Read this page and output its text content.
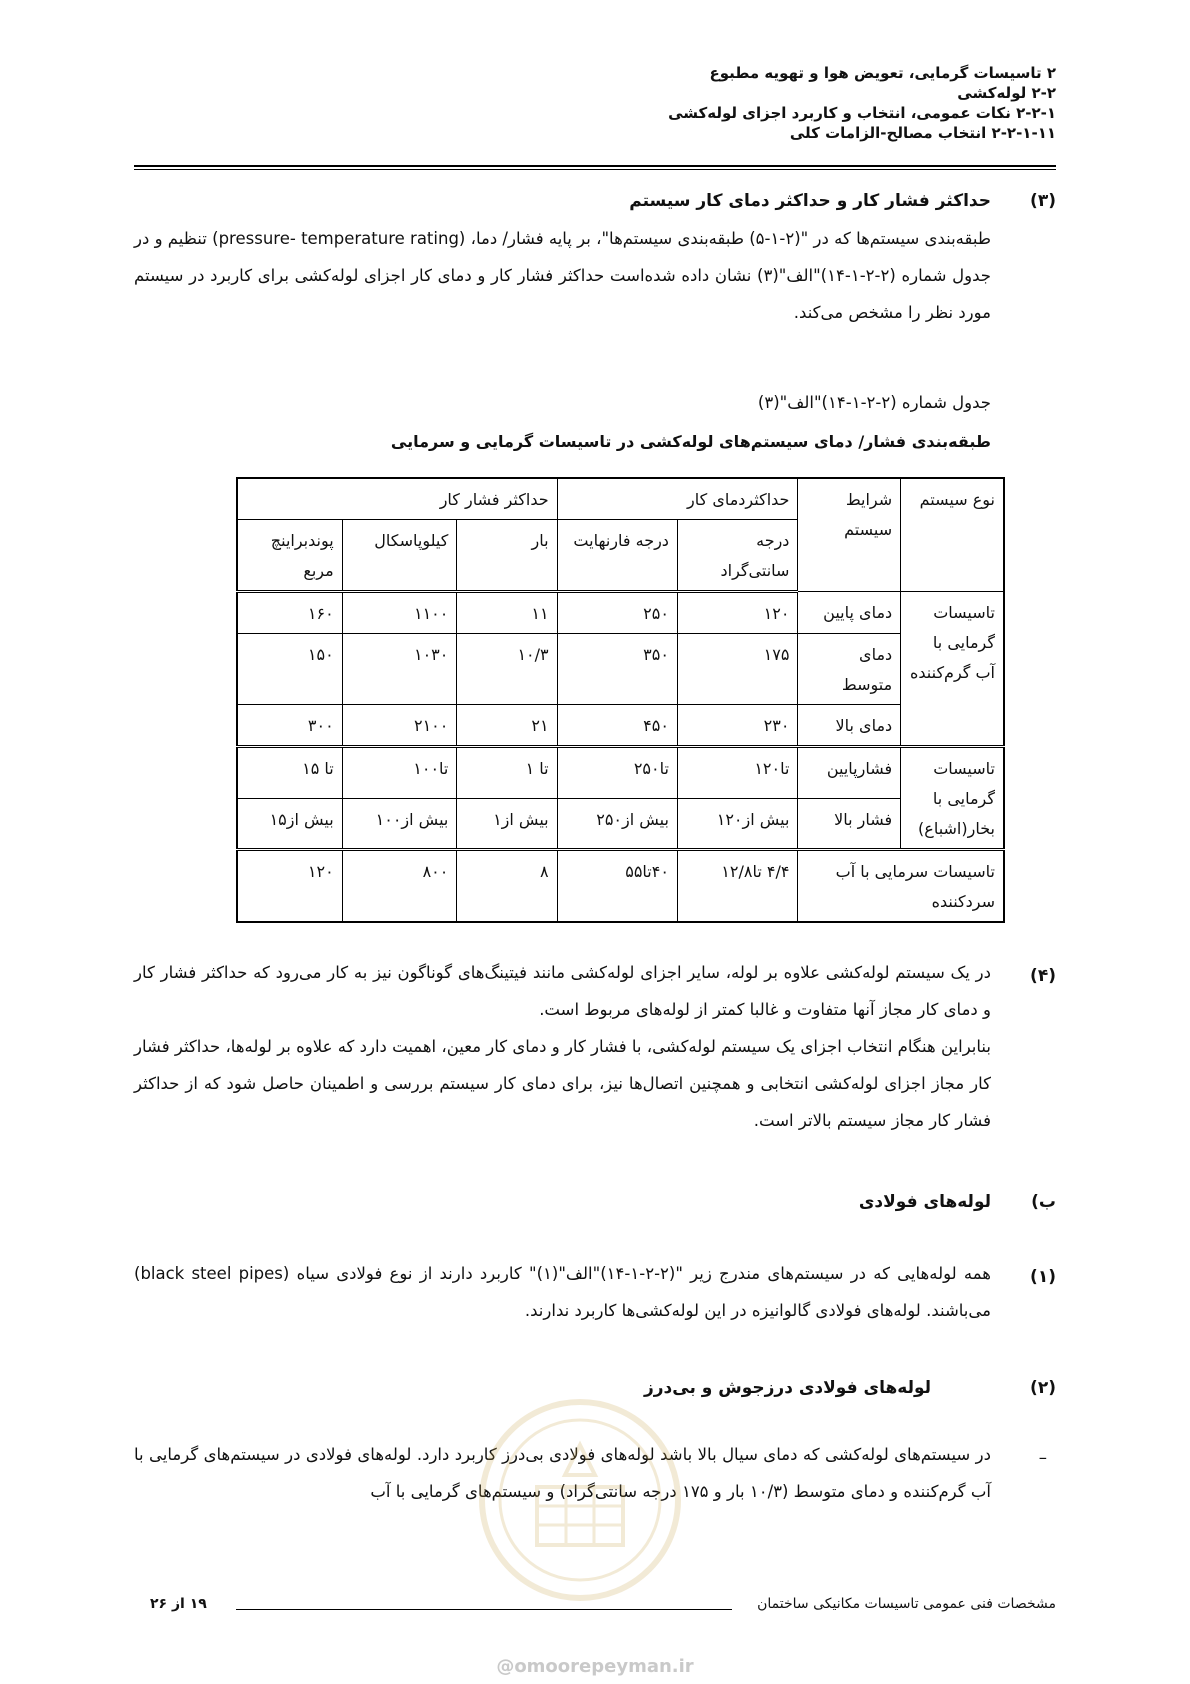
۲ تاسیسات گرمایی، تعویض هوا و تهویه مطبوع
۲-۲ لوله‌کشی
۲-۲-۱ نکات عمومی، انتخاب و کاربرد اجزای لوله‌کشی
۲-۲-۱-۱۱ انتخاب مصالح-الزامات کلی
(۳)
حداکثر فشار کار و حداکثر دمای کار سیستم
طبقه‌بندی سیستم‌ها که در "(۲-۱-۵) طبقه‌بندی سیستم‌ها"، بر پایه فشار/ دما، (pressure- temperature rating) تنظیم و در جدول شماره (۲-۲-۱-۱۴)"الف"(۳) نشان داده شده‌است حداکثر فشار کار و دمای کار اجزای لوله‌کشی برای کاربرد در سیستم مورد نظر را مشخص می‌کند.
جدول شماره (۲-۲-۱-۱۴)"الف"(۳)
طبقه‌بندی فشار/ دمای سیستم‌های لوله‌کشی در تاسیسات گرمایی و سرمایی
نوع سیستم	شرایط سیستم	حداکثردمای کار		حداکثر فشار کار		
		درجه سانتی‌گراد	درجه فارنهایت	بار	کیلوپاسکال	پوندبراینچ مربع
تاسیسات گرمایی با آب گرم‌کننده	دمای پایین	۱۲۰	۲۵۰	۱۱	۱۱۰۰	۱۶۰
	دمای متوسط	۱۷۵	۳۵۰	۱۰/۳	۱۰۳۰	۱۵۰
	دمای بالا	۲۳۰	۴۵۰	۲۱	۲۱۰۰	۳۰۰
تاسیسات گرمایی با بخار(اشباع)	فشارپایین	تا۱۲۰	تا۲۵۰	تا ۱	تا۱۰۰	تا ۱۵
	فشار بالا	بیش از۱۲۰	بیش از۲۵۰	بیش از۱	بیش از۱۰۰	بیش از۱۵
تاسیسات سرمایی با آب سردکننده		۴/۴ تا۱۲/۸	۴۰تا۵۵	۸	۸۰۰	۱۲۰
(۴)
در یک سیستم لوله‌کشی علاوه بر لوله، سایر اجزای لوله‌کشی مانند فیتینگ‌های گوناگون نیز به کار می‌رود که حداکثر فشار کار و دمای کار مجاز آنها متفاوت و غالبا کمتر از لوله‌های مربوط است.
بنابراین هنگام انتخاب اجزای یک سیستم لوله‌کشی، با فشار کار و دمای کار معین، اهمیت دارد که علاوه بر لوله‌ها، حداکثر فشار کار مجاز اجزای لوله‌کشی انتخابی و همچنین اتصال‌ها نیز، برای دمای کار سیستم بررسی و اطمینان حاصل شود که از حداکثر فشار کار مجاز سیستم بالاتر است.
ب)
لوله‌های فولادی
(۱)
همه لوله‌هایی که در سیستم‌های مندرج زیر "(۲-۲-۱-۱۴)"الف"(۱)" کاربرد دارند از نوع فولادی سیاه (black steel pipes) می‌باشند. لوله‌های فولادی گالوانیزه در این لوله‌کشی‌ها کاربرد ندارند.
(۲)
لوله‌های فولادی درزجوش و بی‌درز
–
در سیستم‌های لوله‌کشی که دمای سیال بالا باشد لوله‌های فولادی بی‌درز کاربرد دارد. لوله‌های فولادی در سیستم‌های گرمایی با آب گرم‌کننده و دمای متوسط (۱۰/۳ بار و ۱۷۵ درجه سانتی‌گراد) و سیستم‌های گرمایی با آب
@omoorepeyman.ir
مشخصات فنی عمومی تاسیسات مکانیکی ساختمان
۱۹ از ۲۶
